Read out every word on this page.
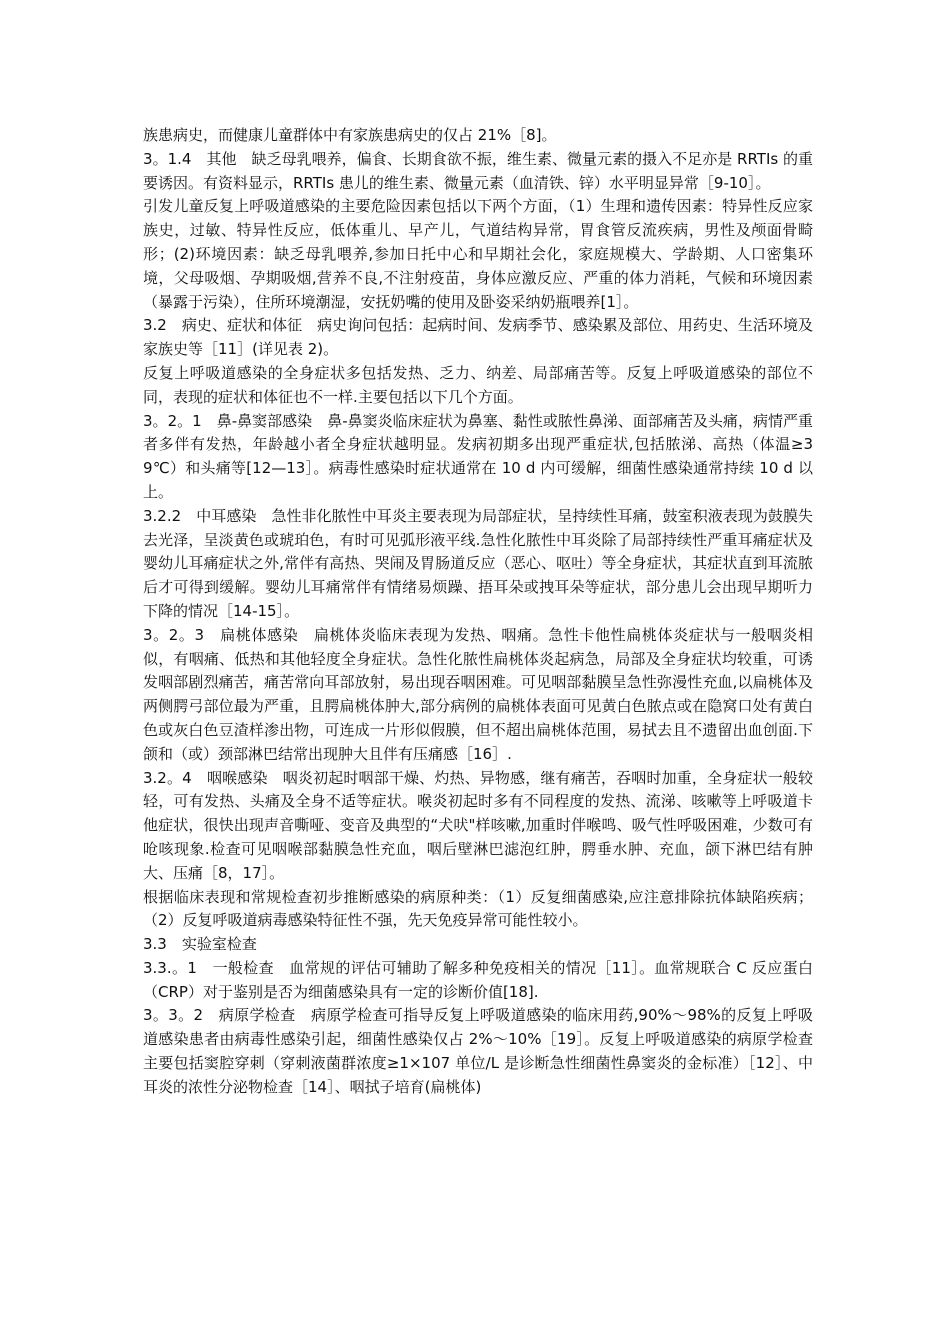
族患病史，而健康儿童群体中有家族患病史的仅占 21%［8]。

3。1.4　其他　缺乏母乳喂养，偏食、长期食欲不振，维生素、微量元素的摄入不足亦是 RRTIs 的重要诱因。有资料显示，RRTIs 患儿的维生素、微量元素（血清铁、锌）水平明显异常［9-10］。

引发儿童反复上呼吸道感染的主要危险因素包括以下两个方面，（1）生理和遗传因素：特异性反应家族史，过敏、特异性反应，低体重儿、早产儿，气道结构异常，胃食管反流疾病，男性及颅面骨畸形；(2)环境因素：缺乏母乳喂养,参加日托中心和早期社会化，家庭规模大、学龄期、人口密集环境，父母吸烟、孕期吸烟,营养不良,不注射疫苗，身体应激反应、严重的体力消耗，气候和环境因素（暴露于污染），住所环境潮湿，安抚奶嘴的使用及卧姿采纳奶瓶喂养[1］。

3.2　病史、症状和体征　病史询问包括：起病时间、发病季节、感染累及部位、用药史、生活环境及家族史等［11］(详见表 2)。

反复上呼吸道感染的全身症状多包括发热、乏力、纳差、局部痛苦等。反复上呼吸道感染的部位不同，表现的症状和体征也不一样.主要包括以下几个方面。

3。2。1　鼻-鼻窦部感染　鼻-鼻窦炎临床症状为鼻塞、黏性或脓性鼻涕、面部痛苦及头痛，病情严重者多伴有发热，年龄越小者全身症状越明显。发病初期多出现严重症状,包括脓涕、高热（体温≥39℃）和头痛等[12—13］。病毒性感染时症状通常在 10 d 内可缓解，细菌性感染通常持续 10 d 以上。

3.2.2　中耳感染　急性非化脓性中耳炎主要表现为局部症状，呈持续性耳痛，鼓室积液表现为鼓膜失去光泽，呈淡黄色或琥珀色，有时可见弧形液平线.急性化脓性中耳炎除了局部持续性严重耳痛症状及婴幼儿耳痛症状之外,常伴有高热、哭闹及胃肠道反应（恶心、呕吐）等全身症状，其症状直到耳流脓后才可得到缓解。婴幼儿耳痛常伴有情绪易烦躁、捂耳朵或拽耳朵等症状，部分患儿会出现早期听力下降的情况［14-15］。

3。2。3　扁桃体感染　扁桃体炎临床表现为发热、咽痛。急性卡他性扁桃体炎症状与一般咽炎相似，有咽痛、低热和其他轻度全身症状。急性化脓性扁桃体炎起病急，局部及全身症状均较重，可诱发咽部剧烈痛苦，痛苦常向耳部放射，易出现吞咽困难。可见咽部黏膜呈急性弥漫性充血,以扁桃体及两侧腭弓部位最为严重，且腭扁桃体肿大,部分病例的扁桃体表面可见黄白色脓点或在隐窝口处有黄白色或灰白色豆渣样渗出物，可连成一片形似假膜，但不超出扁桃体范围，易拭去且不遗留出血创面.下颌和（或）颈部淋巴结常出现肿大且伴有压痛感［16］.

3.2。4　咽喉感染　咽炎初起时咽部干燥、灼热、异物感，继有痛苦，吞咽时加重，全身症状一般较轻，可有发热、头痛及全身不适等症状。喉炎初起时多有不同程度的发热、流涕、咳嗽等上呼吸道卡他症状，很快出现声音嘶哑、变音及典型的“犬吠"样咳嗽,加重时伴喉鸣、吸气性呼吸困难，少数可有呛咳现象.检查可见咽喉部黏膜急性充血，咽后壁淋巴滤泡红肿，腭垂水肿、充血，颌下淋巴结有肿大、压痛［8，17］。

根据临床表现和常规检查初步推断感染的病原种类：（1）反复细菌感染,应注意排除抗体缺陷疾病；（2）反复呼吸道病毒感染特征性不强，先天免疫异常可能性较小。

3.3　实验室检查

3.3.。1　一般检查　血常规的评估可辅助了解多种免疫相关的情况［11］。血常规联合 C 反应蛋白（CRP）对于鉴别是否为细菌感染具有一定的诊断价值[18].

3。3。2　病原学检查　病原学检查可指导反复上呼吸道感染的临床用药,90%～98%的反复上呼吸道感染患者由病毒性感染引起，细菌性感染仅占 2%～10%［19］。反复上呼吸道感染的病原学检查主要包括窦腔穿刺（穿刺液菌群浓度≥1×107 单位/L 是诊断急性细菌性鼻窦炎的金标准）［12］、中耳炎的浓性分泌物检查［14］、咽拭子培育(扁桃体)
